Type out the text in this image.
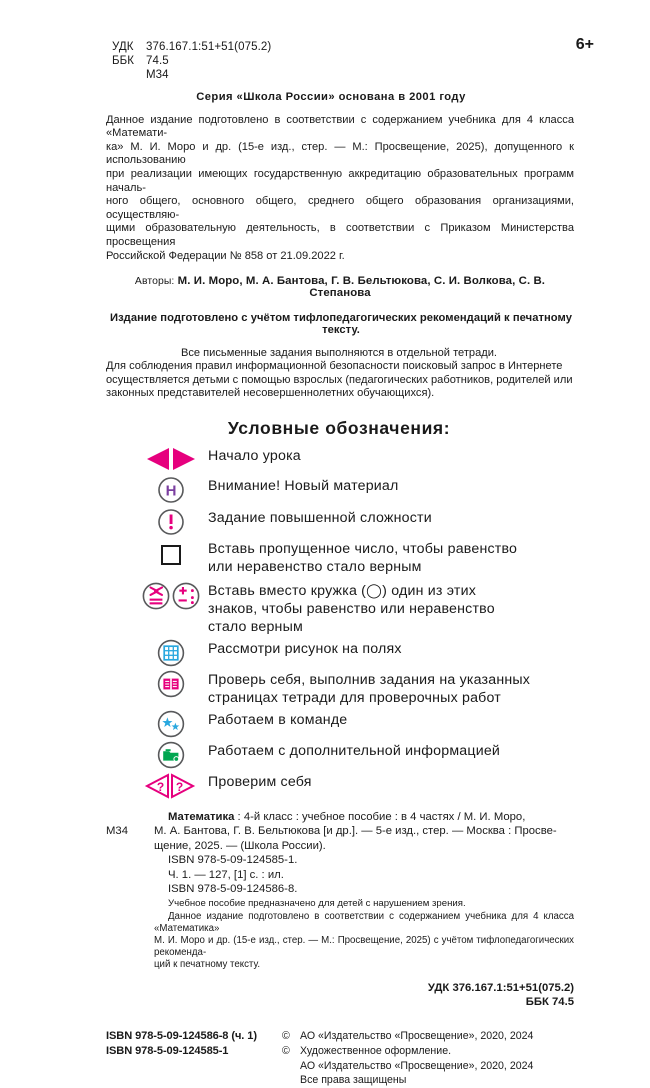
УДК	376.167.1:51+51(075.2)
ББК	74.5
М34
6+
Серия «Школа России» основана в 2001 году
Данное издание подготовлено в соответствии с содержанием учебника для 4 класса «Математи-
ка» М. И. Моро и др. (15-е изд., стер. — М.: Просвещение, 2025), допущенного к использованию
при реализации имеющих государственную аккредитацию образовательных программ началь-
ного общего, основного общего, среднего общего образования организациями, осуществляю-
щими образовательную деятельность, в соответствии с Приказом Министерства просвещения
Российской Федерации № 858 от 21.09.2022 г.
Авторы: М. И. Моро, М. А. Бантова, Г. В. Бельтюкова, С. И. Волкова, С. В. Степанова
Издание подготовлено с учётом тифлопедагогических рекомендаций к печатному тексту.
Все письменные задания выполняются в отдельной тетради.
Для соблюдения правил информационной безопасности поисковый запрос в Интернете
осуществляется детьми с помощью взрослых (педагогических работников, родителей или
законных представителей несовершеннолетних обучающихся).
Условные обозначения:
Начало урока
Н Внимание! Новый материал
Задание повышенной сложности
Вставь пропущенное число, чтобы равенство
или неравенство стало верным
Вставь вместо кружка (◯) один из этих
знаков, чтобы равенство или неравенство
стало верным
Рассмотри рисунок на полях
Проверь себя, выполнив задания на указанных
страницах тетради для проверочных работ
Работаем в команде
Работаем с дополнительной информацией
? ? Проверим себя
М34
Математика : 4-й класс : учебное пособие : в 4 частях / М. И. Моро,
М. А. Бантова, Г. В. Бельтюкова [и др.]. — 5-е изд., стер. — Москва : Просве-
щение, 2025. — (Школа России).
ISBN 978-5-09-124585-1.
Ч. 1. — 127, [1] с. : ил.
ISBN 978-5-09-124586-8.
Учебное пособие предназначено для детей с нарушением зрения.
Данное издание подготовлено в соответствии с содержанием учебника для 4 класса «Математика»
М. И. Моро и др. (15-е изд., стер. — М.: Просвещение, 2025) с учётом тифлопедагогических рекоменда-
ций к печатному тексту.
УДК 376.167.1:51+51(075.2)
ББК 74.5
ISBN 978-5-09-124586-8 (ч. 1)
ISBN 978-5-09-124585-1
© АО «Издательство «Просвещение», 2020, 2024
© Художественное оформление.
АО «Издательство «Просвещение», 2020, 2024
Все права защищены
